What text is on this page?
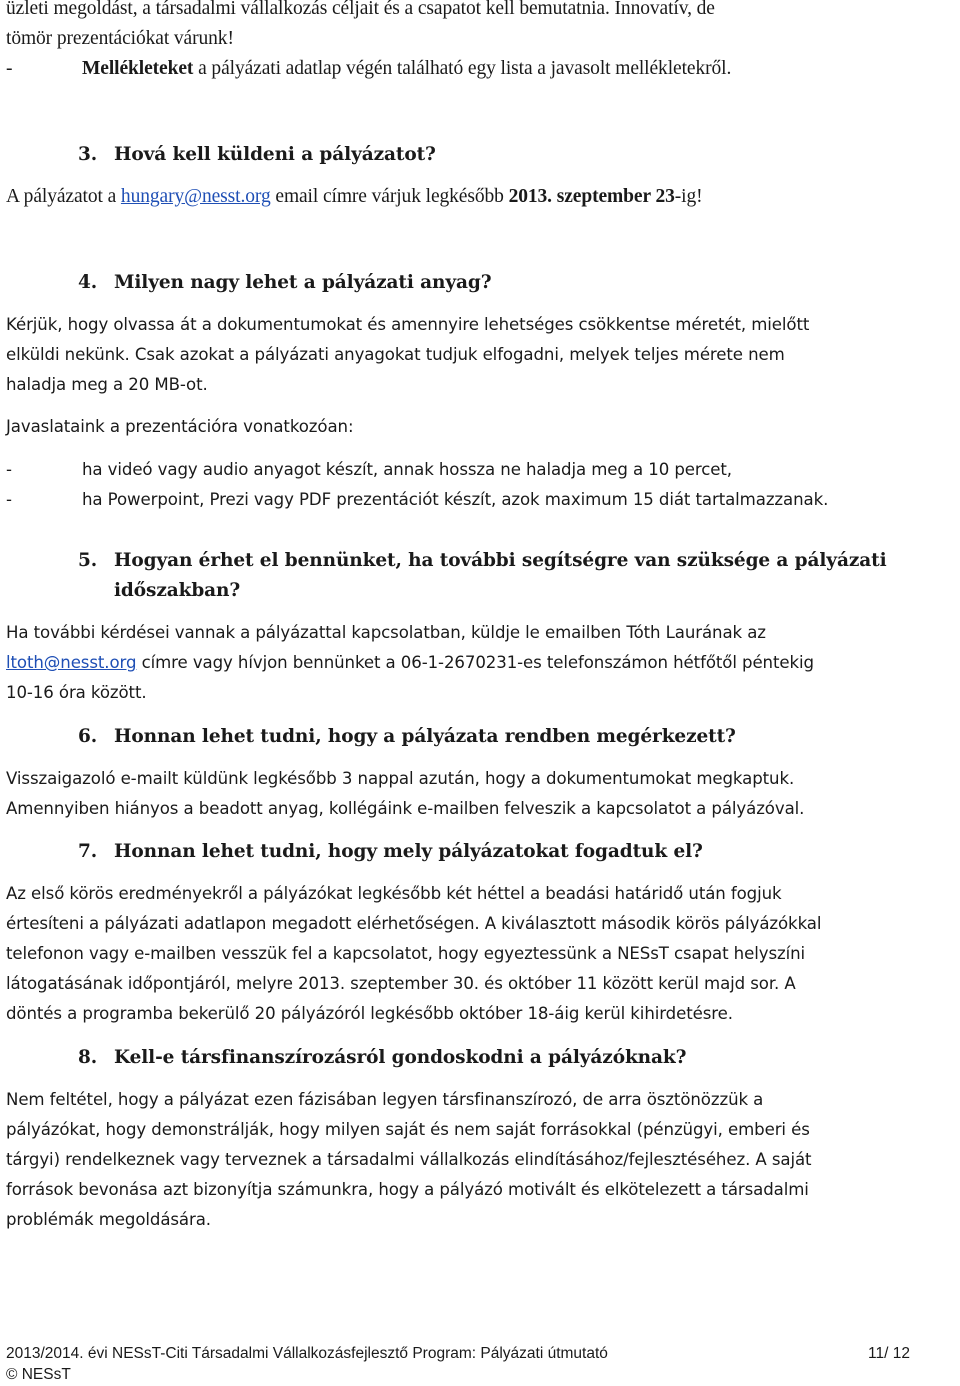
üzleti megoldást, a társadalmi vállalkozás céljait és a csapatot kell bemutatnia. Innovatív, de
tömör prezentációkat várunk!
-	Mellékleteket a pályázati adatlap végén található egy lista a javasolt mellékletekről.
3. Hová kell küldeni a pályázatot?
A pályázatot a hungary@nesst.org email címre várjuk legkésőbb 2013. szeptember 23-ig!
4. Milyen nagy lehet a pályázati anyag?
Kérjük, hogy olvassa át a dokumentumokat és amennyire lehetséges csökkentse méretét, mielőtt
elküldi nekünk. Csak azokat a pályázati anyagokat tudjuk elfogadni, melyek teljes mérete nem
haladja meg a 20 MB-ot.
Javaslataink a prezentációra vonatkozóan:
-	ha videó vagy audio anyagot készít, annak hossza ne haladja meg a 10 percet,
-	ha Powerpoint, Prezi vagy PDF prezentációt készít, azok maximum 15 diát tartalmazzanak.
5. Hogyan érhet el bennünket, ha további segítségre van szüksége a pályázati
időszakban?
Ha további kérdései vannak a pályázattal kapcsolatban, küldje le emailben Tóth Laurának az
ltoth@nesst.org címre vagy hívjon bennünket a 06-1-2670231-es telefonszámon hétfőtől péntekig
10-16 óra között.
6. Honnan lehet tudni, hogy a pályázata rendben megérkezett?
Visszaigazoló e-mailt küldünk legkésőbb 3 nappal azután, hogy a dokumentumokat megkaptuk.
Amennyiben hiányos a beadott anyag, kollégáink e-mailben felveszik a kapcsolatot a pályázóval.
7. Honnan lehet tudni, hogy mely pályázatokat fogadtuk el?
Az első körös eredményekről a pályázókat legkésőbb két héttel a beadási határidő után fogjuk
értesíteni a pályázati adatlapon megadott elérhetőségen. A kiválasztott második körös pályázókkal
telefonon vagy e-mailben vesszük fel a kapcsolatot, hogy egyeztessünk a NESsT csapat helyszíni
látogatásának időpontjáról, melyre 2013. szeptember 30. és október 11 között kerül majd sor. A
döntés a programba bekerülő 20 pályázóról legkésőbb október 18-áig kerül kihirdetésre.
8. Kell-e társfinanszírozásról gondoskodni a pályázóknak?
Nem feltétel, hogy a pályázat ezen fázisában legyen társfinanszírozó, de arra ösztönözzük a
pályázókat, hogy demonstrálják, hogy milyen saját és nem saját forrásokkal (pénzügyi, emberi és
tárgyi) rendelkeznek vagy terveznek a társadalmi vállalkozás elindításához/fejlesztéséhez. A saját
források bevonása azt bizonyítja számunkra, hogy a pályázó motivált és elkötelezett a társadalmi
problémák megoldására.
2013/2014. évi NESsT-Citi Társadalmi Vállalkozásfejlesztő Program: Pályázati útmutató	11/ 12
© NESsT
